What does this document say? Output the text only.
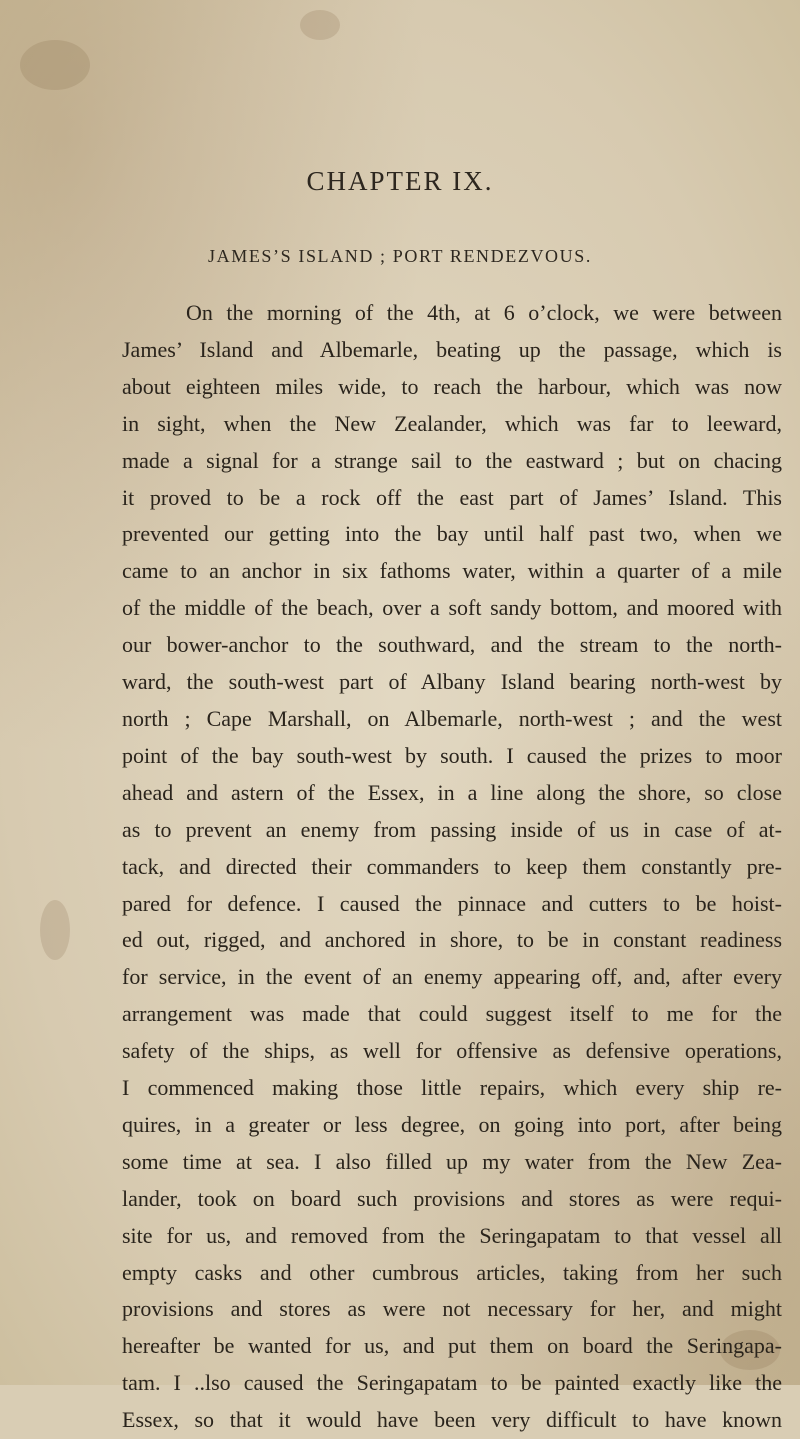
CHAPTER IX.
JAMES’S ISLAND ; PORT RENDEZVOUS.
On the morning of the 4th, at 6 o’clock, we were between
James’ Island and Albemarle, beating up the passage, which is
about eighteen miles wide, to reach the harbour, which was now
in sight, when the New Zealander, which was far to leeward,
made a signal for a strange sail to the eastward ; but on chacing
it proved to be a rock off the east part of James’ Island. This
prevented our getting into the bay until half past two, when we
came to an anchor in six fathoms water, within a quarter of a mile
of the middle of the beach, over a soft sandy bottom, and moored with
our bower-anchor to the southward, and the stream to the north-
ward, the south-west part of Albany Island bearing north-west by
north ; Cape Marshall, on Albemarle, north-west ; and the west
point of the bay south-west by south. I caused the prizes to moor
ahead and astern of the Essex, in a line along the shore, so close
as to prevent an enemy from passing inside of us in case of at-
tack, and directed their commanders to keep them constantly pre-
pared for defence. I caused the pinnace and cutters to be hoist-
ed out, rigged, and anchored in shore, to be in constant readiness
for service, in the event of an enemy appearing off, and, after every
arrangement was made that could suggest itself to me for the
safety of the ships, as well for offensive as defensive operations,
I commenced making those little repairs, which every ship re-
quires, in a greater or less degree, on going into port, after being
some time at sea. I also filled up my water from the New Zea-
lander, took on board such provisions and stores as were requi-
site for us, and removed from the Seringapatam to that vessel all
empty casks and other cumbrous articles, taking from her such
provisions and stores as were not necessary for her, and might
hereafter be wanted for us, and put them on board the Seringapa-
tam. I ..lso caused the Seringapatam to be painted exactly like the
Essex, so that it would have been very difficult to have known
